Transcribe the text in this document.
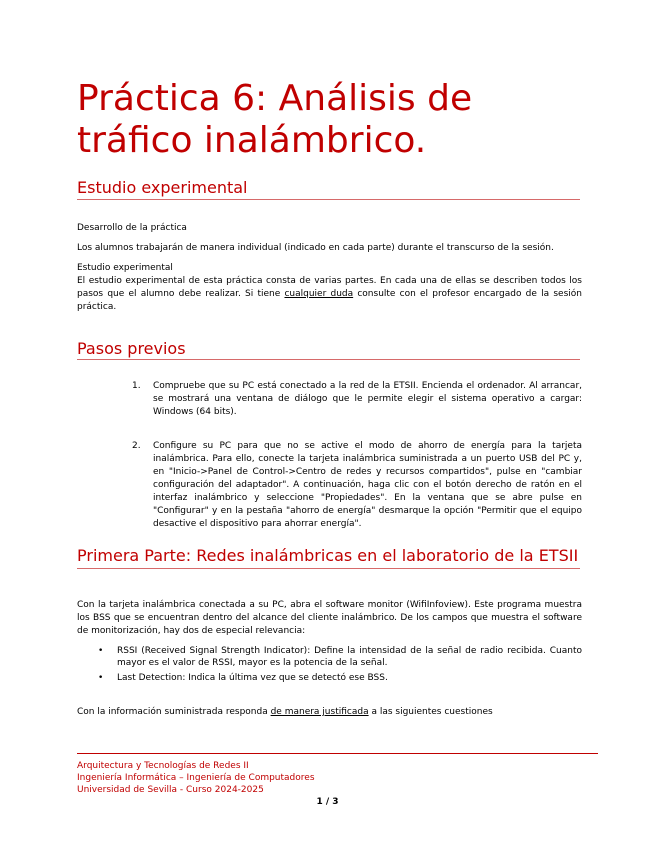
Práctica 6: Análisis de tráfico inalámbrico.
Estudio experimental

Desarrollo de la práctica

Los alumnos trabajarán de manera individual (indicado en cada parte) durante el transcurso de la sesión.

Estudio experimental

El estudio experimental de esta práctica consta de varias partes. En cada una de ellas se describen todos los pasos que el alumno debe realizar. Si tiene cualquier duda consulte con el profesor encargado de la sesión práctica.

Pasos previos
1. Compruebe que su PC está conectado a la red de la ETSII. Encienda el ordenador. Al arrancar, se mostrará una ventana de diálogo que le permite elegir el sistema operativo a cargar: Windows (64 bits).
2. Configure su PC para que no se active el modo de ahorro de energía para la tarjeta inalámbrica. Para ello, conecte la tarjeta inalámbrica suministrada a un puerto USB del PC y, en "Inicio->Panel de Control->Centro de redes y recursos compartidos", pulse en "cambiar configuración del adaptador". A continuación, haga clic con el botón derecho de ratón en el interfaz inalámbrico y seleccione "Propiedades". En la ventana que se abre pulse en "Configurar" y en la pestaña "ahorro de energía" desmarque la opción "Permitir que el equipo desactive el dispositivo para ahorrar energía".
Primera Parte: Redes inalámbricas en el laboratorio de la ETSII

Con la tarjeta inalámbrica conectada a su PC, abra el software monitor (WifiInfoview). Este programa muestra los BSS que se encuentran dentro del alcance del cliente inalámbrico. De los campos que muestra el software de monitorización, hay dos de especial relevancia:

• RSSI (Received Signal Strength Indicator): Define la intensidad de la señal de radio recibida. Cuanto mayor es el valor de RSSI, mayor es la potencia de la señal.
• Last Detection: Indica la última vez que se detectó ese BSS.

Con la información suministrada responda de manera justificada a las siguientes cuestiones

Arquitectura y Tecnologías de Redes II
Ingeniería Informática – Ingeniería de Computadores
Universidad de Sevilla - Curso 2024-2025
1 / 3
